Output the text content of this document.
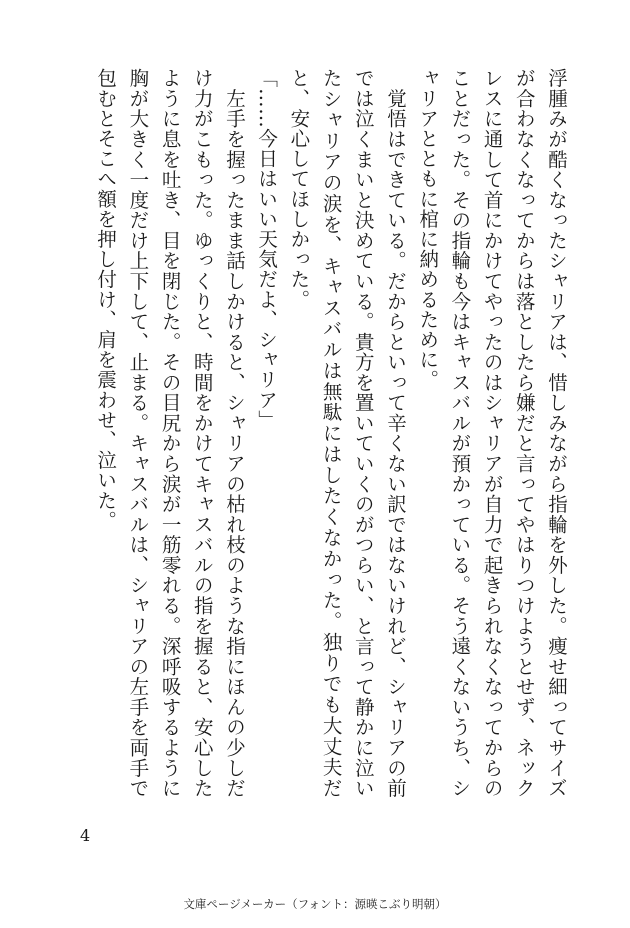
浮腫みが酷くなったシャリアは、惜しみながら指輪を外した。痩せ細ってサイズが合わなくなってからは落としたら嫌だと言ってやはりつけようとせず、ネックレスに通して首にかけてやったのはシャリアが自力で起きられなくなってからのことだった。その指輪も今はキャスバルが預かっている。そう遠くないうち、シャリアとともに棺に納めるために。

　覚悟はできている。だからといって辛くない訳ではないけれど、シャリアの前では泣くまいと決めている。貴方を置いていくのがつらい、と言って静かに泣いたシャリアの涙を、キャスバルは無駄にはしたくなかった。独りでも大丈夫だと、安心してほしかった。

「……今日はいい天気だよ、シャリア」

　左手を握ったまま話しかけると、シャリアの枯れ枝のような指にほんの少しだけ力がこもった。ゆっくりと、時間をかけてキャスバルの指を握ると、安心したように息を吐き、目を閉じた。その目尻から涙が一筋零れる。深呼吸するように胸が大きく一度だけ上下して、止まる。キャスバルは、シャリアの左手を両手で包むとそこへ額を押し付け、肩を震わせ、泣いた。

4
文庫ページメーカー（フォント：源暎こぶり明朝）
